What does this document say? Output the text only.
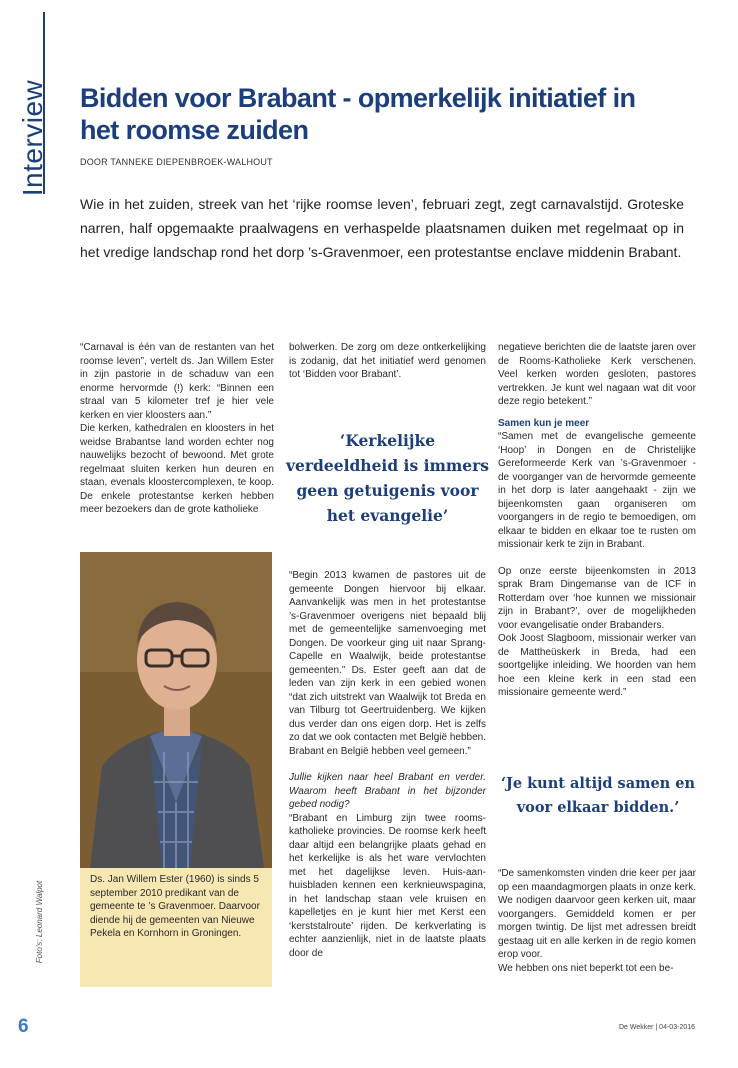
Interview Bidden voor Brabant - opmerkelijk initiatief in het roomse zuiden
DOOR TANNEKE DIEPENBROEK-WALHOUT

Wie in het zuiden, streek van het ‘rijke roomse leven’, februari zegt, zegt carnavalstijd. Groteske narren, half opgemaakte praalwagens en verhaspelde plaatsnamen duiken met regelmaat op in het vredige landschap rond het dorp ’s-Gravenmoer, een protestantse enclave middenin Brabant.

“Carnaval is één van de restanten van het roomse leven”, vertelt ds. Jan Willem Ester in zijn pastorie in de schaduw van een enorme hervormde (!) kerk: “Binnen een straal van 5 kilometer tref je hier vele kerken en vier kloosters aan.”

Die kerken, kathedralen en kloosters in het weidse Brabantse land worden echter nog nauwelijks bezocht of bewoond. Met grote regelmaat sluiten kerken hun deuren en staan, evenals kloostercomplexen, te koop. De enkele protestantse kerken hebben meer bezoekers dan de grote katholieke

bolwerken. De zorg om deze ontkerkelijking is zodanig, dat het initiatief werd genomen tot ‘Bidden voor Brabant’.

‘Kerkelijke verdeeldheid is immers geen getuigenis voor het evangelie’

“Begin 2013 kwamen de pastores uit de gemeente Dongen hiervoor bij elkaar. Aanvankelijk was men in het protestantse ’s-Gravenmoer overigens niet bepaald blij met de gemeentelijke samenvoeging met Dongen. De voorkeur ging uit naar Sprang-Capelle en Waalwijk, beide protestantse gemeenten.” Ds. Ester geeft aan dat de leden van zijn kerk in een gebied wonen “dat zich uitstrekt van Waalwijk tot Breda en van Tilburg tot Geertruidenberg. We kijken dus verder dan ons eigen dorp. Het is zelfs zo dat we ook contacten met België hebben. Brabant en België hebben veel gemeen.”

Jullie kijken naar heel Brabant en verder. Waarom heeft Brabant in het bijzonder gebed nodig?

“Brabant en Limburg zijn twee rooms-katholieke provincies. De roomse kerk heeft daar altijd een belangrijke plaats gehad en het kerkelijke is als het ware vervlochten met het dagelijkse leven. Huis-aan-huisbladen kennen een kerknieuwspagina, in het landschap staan vele kruisen en kapelletjes en je kunt hier met Kerst een ‘kerststalroute’ rijden. De kerkverlating is echter aanzienlijk, niet in de laatste plaats door de

negatieve berichten die de laatste jaren over de Rooms-Katholieke Kerk verschenen. Veel kerken worden gesloten, pastores vertrekken. Je kunt wel nagaan wat dit voor deze regio betekent.”

Samen kun je meer

“Samen met de evangelische gemeente ‘Hoop’ in Dongen en de Christelijke Gereformeerde Kerk van ’s-Gravenmoer - de voorganger van de hervormde gemeente in het dorp is later aangehaakt - zijn we bijeenkomsten gaan organiseren om voorgangers in de regio te bemoedigen, om elkaar te bidden en elkaar toe te rusten om missionair kerk te zijn in Brabant.

Op onze eerste bijeenkomsten in 2013 sprak Bram Dingemanse van de ICF in Rotterdam over ‘hoe kunnen we missionair zijn in Brabant?’, over de mogelijkheden voor evangelisatie onder Brabanders.

Ook Joost Slagboom, missionair werker van de Mattheüskerk in Breda, had een soortgelijke inleiding. We hoorden van hem hoe een kleine kerk in een stad een missionaire gemeente werd.”

‘Je kunt altijd samen en voor elkaar bidden.’

“De samenkomsten vinden drie keer per jaar op een maandagmorgen plaats in onze kerk. We nodigen daarvoor geen kerken uit, maar voorgangers. Gemiddeld komen er per morgen twintig. De lijst met adressen breidt gestaag uit en alle kerken in de regio komen erop voor.

We hebben ons niet beperkt tot een be-

Ds. Jan Willem Ester (1960) is sinds 5 september 2010 predikant van de gemeente te ’s Gravenmoer. Daarvoor diende hij de gemeenten van Nieuwe Pekela en Kornhorn in Groningen.

Foto’s: Leonard Walpot
6	De Wekker | 04-03-2016
